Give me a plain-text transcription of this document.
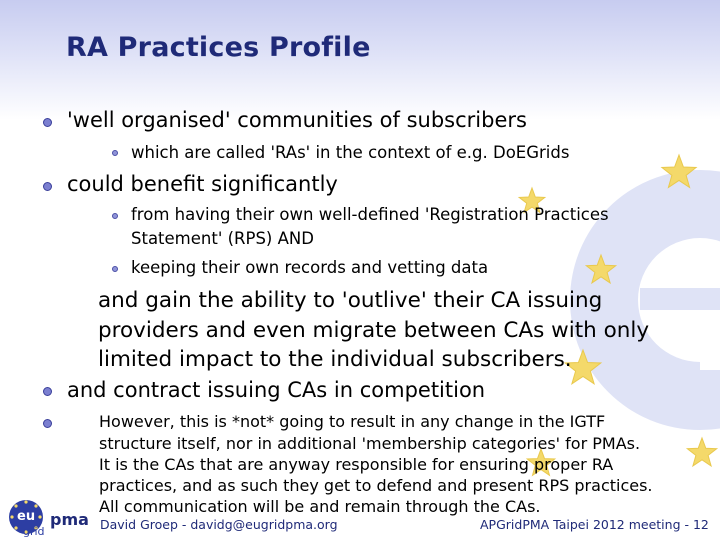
RA Practices Profile
'well organised' communities of subscribers
which are called 'RAs' in the context of e.g. DoEGrids
could benefit significantly
from having their own well-defined 'Registration Practices
Statement' (RPS) AND
keeping their own records and vetting data
and gain the ability to 'outlive' their CA issuing
providers and even migrate between CAs with only
limited impact to the individual subscribers.
and contract issuing CAs in competition
However, this is *not* going to result in any change in the IGTF
structure itself, nor in additional 'membership categories' for PMAs.
It is the CAs that are anyway responsible for ensuring proper RA
practices, and as such they get to defend and present RPS practices.
All communication will be and remain through the CAs.
eu
grid
pma David Groep - davidg@eugridpma.org	APGridPMA Taipei 2012 meeting - 12
